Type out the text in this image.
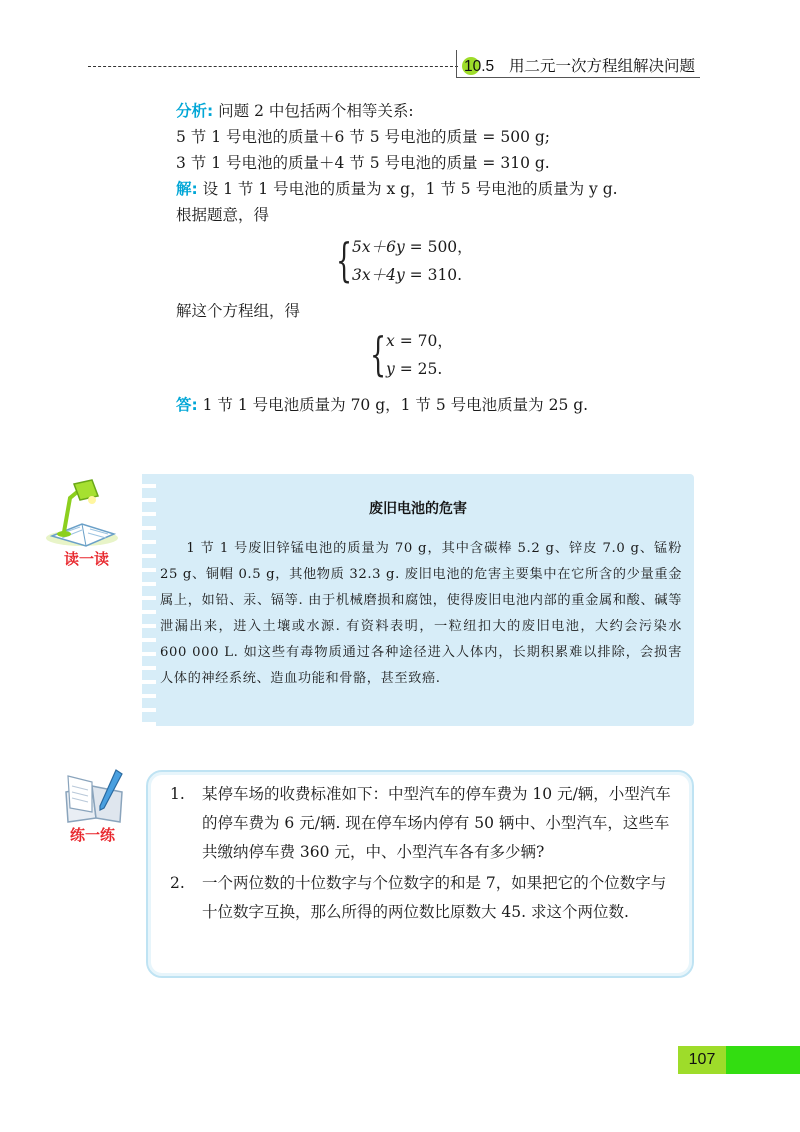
10.5 用二元一次方程组解决问题
分析: 问题 2 中包括两个相等关系:
5 节 1 号电池的质量＋6 节 5 号电池的质量 = 500 g;
3 节 1 号电池的质量＋4 节 5 号电池的质量 = 310 g.
解: 设 1 节 1 号电池的质量为 x g，1 节 5 号电池的质量为 y g.
根据题意，得
{ 5x＋6y = 500，
3x＋4y = 310.
解这个方程组，得
{ x = 70，
y = 25.
答: 1 节 1 号电池质量为 70 g，1 节 5 号电池质量为 25 g.
读一读
废旧电池的危害

1 节 1 号废旧锌锰电池的质量为 70 g，其中含碳棒 5.2 g、锌皮 7.0 g、锰粉 25 g、铜帽 0.5 g，其他物质 32.3 g. 废旧电池的危害主要集中在它所含的少量重金属上，如铅、汞、镉等. 由于机械磨损和腐蚀，使得废旧电池内部的重金属和酸、碱等泄漏出来，进入土壤或水源. 有资料表明，一粒纽扣大的废旧电池，大约会污染水 600 000 L. 如这些有毒物质通过各种途径进入人体内，长期积累难以排除，会损害人体的神经系统、造血功能和骨骼，甚至致癌.

练一练
1. 某停车场的收费标准如下：中型汽车的停车费为 10 元/辆，小型汽车的停车费为 6 元/辆. 现在停车场内停有 50 辆中、小型汽车，这些车共缴纳停车费 360 元，中、小型汽车各有多少辆?
2. 一个两位数的十位数字与个位数字的和是 7，如果把它的个位数字与十位数字互换，那么所得的两位数比原数大 45. 求这个两位数.
107
